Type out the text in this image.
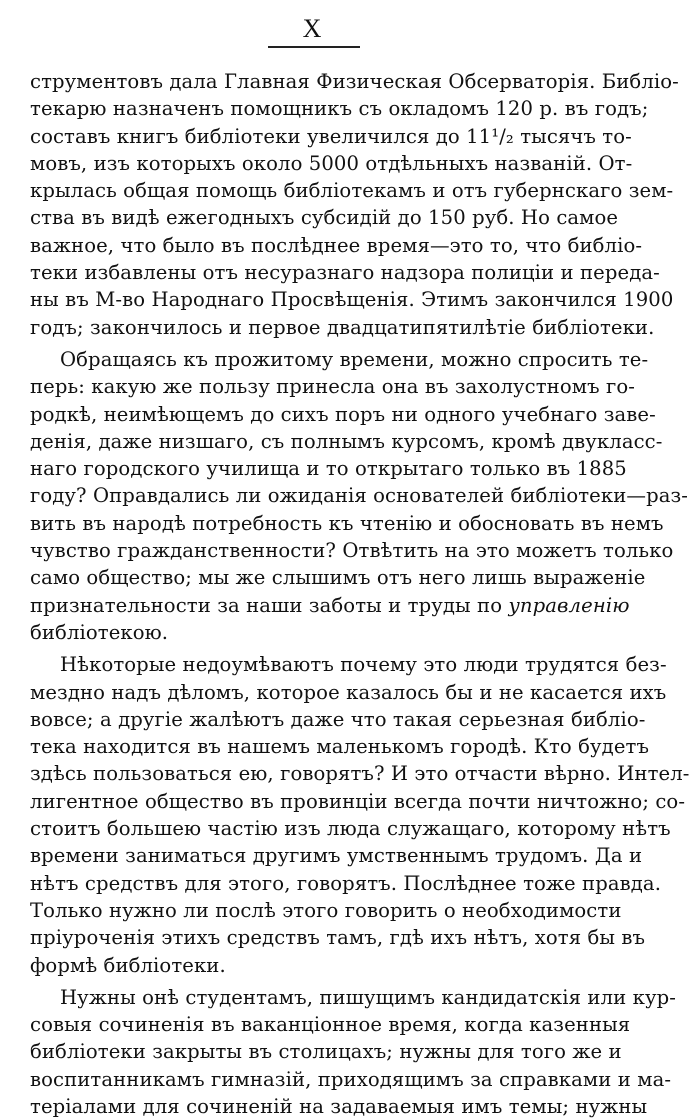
X
струментовъ дала Главная Физическая Обсерваторія. Библіо-
текарю назначенъ помощникъ съ окладомъ 120 р. въ годъ;
составъ книгъ библіотеки увеличился до 11¹/₂ тысячъ то-
мовъ, изъ которыхъ около 5000 отдѣльныхъ названій. От-
крылась общая помощь библіотекамъ и отъ губернскаго зем-
ства въ видѣ ежегодныхъ субсидій до 150 руб. Но самое
важное, что было въ послѣднее время—это то, что библіо-
теки избавлены отъ несуразнаго надзора полиціи и переда-
ны въ М-во Народнаго Просвѣщенія. Этимъ закончился 1900
годъ; закончилось и первое двадцатипятилѣтіе библіотеки.
Обращаясь къ прожитому времени, можно спросить те-
перь: какую же пользу принесла она въ захолустномъ го-
родкѣ, неимѣющемъ до сихъ поръ ни одного учебнаго заве-
денія, даже низшаго, съ полнымъ курсомъ, кромѣ двукласс-
наго городского училища и то открытаго только въ 1885
году? Оправдались ли ожиданія основателей библіотеки—раз-
вить въ народѣ потребность къ чтенію и обосновать въ немъ
чувство гражданственности? Отвѣтить на это можетъ только
само общество; мы же слышимъ отъ него лишь выраженіе
признательности за наши заботы и труды по управленію
библіотекою.
Нѣкоторые недоумѣваютъ почему это люди трудятся без-
мездно надъ дѣломъ, которое казалось бы и не касается ихъ
вовсе; а другіе жалѣютъ даже что такая серьезная библіо-
тека находится въ нашемъ маленькомъ городѣ. Кто будетъ
здѣсь пользоваться ею, говорятъ? И это отчасти вѣрно. Интел-
лигентное общество въ провинціи всегда почти ничтожно; со-
стоитъ большею частію изъ люда служащаго, которому нѣтъ
времени заниматься другимъ умственнымъ трудомъ. Да и
нѣтъ средствъ для этого, говорятъ. Послѣднее тоже правда.
Только нужно ли послѣ этого говорить о необходимости
пріуроченія этихъ средствъ тамъ, гдѣ ихъ нѣтъ, хотя бы въ
формѣ библіотеки.
Нужны онѣ студентамъ, пишущимъ кандидатскія или кур-
совыя сочиненія въ ваканціонное время, когда казенныя
библіотеки закрыты въ столицахъ; нужны для того же и
воспитанникамъ гимназій, приходящимъ за справками и ма-
теріалами для сочиненій на задаваемыя имъ темы; нужны
